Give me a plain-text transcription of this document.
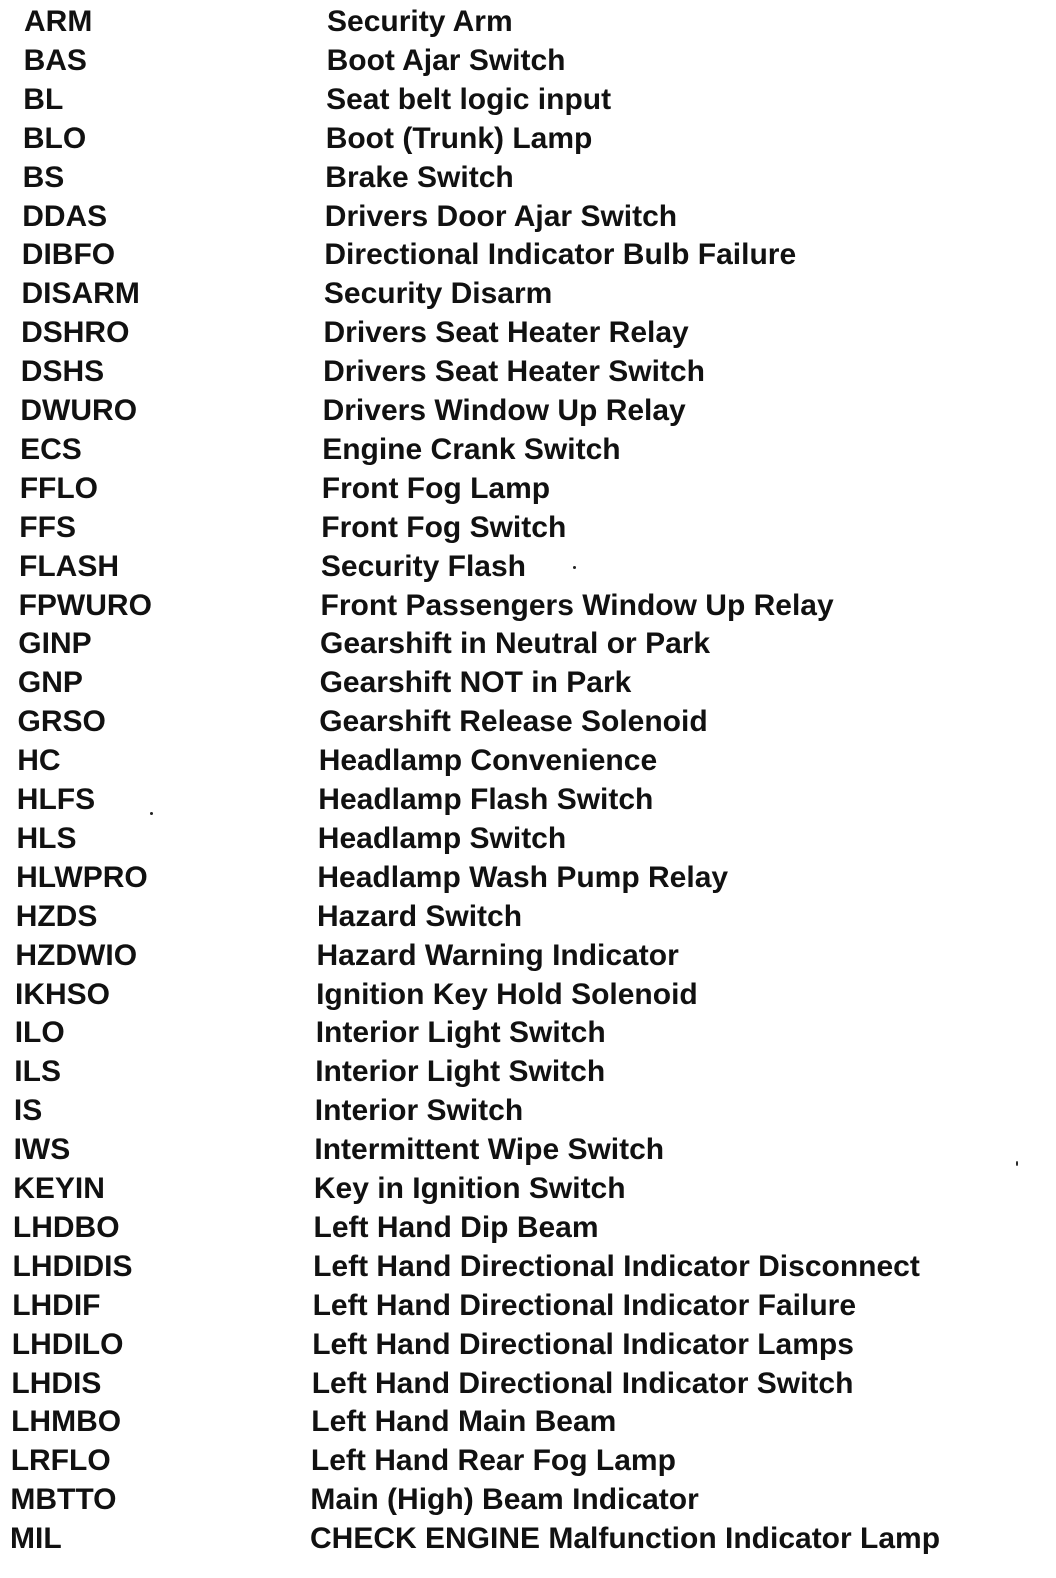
ARM	Security Arm
BAS	Boot Ajar Switch
BL	Seat belt logic input
BLO	Boot (Trunk) Lamp
BS	Brake Switch
DDAS	Drivers Door Ajar Switch
DIBFO	Directional Indicator Bulb Failure
DISARM	Security Disarm
DSHRO	Drivers Seat Heater Relay
DSHS	Drivers Seat Heater Switch
DWURO	Drivers Window Up Relay
ECS	Engine Crank Switch
FFLO	Front Fog Lamp
FFS	Front Fog Switch
FLASH	Security Flash
FPWURO	Front Passengers Window Up Relay
GINP	Gearshift in Neutral or Park
GNP	Gearshift NOT in Park
GRSO	Gearshift Release Solenoid
HC	Headlamp Convenience
HLFS	Headlamp Flash Switch
HLS	Headlamp Switch
HLWPRO	Headlamp Wash Pump Relay
HZDS	Hazard Switch
HZDWIO	Hazard Warning Indicator
IKHSO	Ignition Key Hold Solenoid
ILO	Interior Light Switch
ILS	Interior Light Switch
IS	Interior Switch
IWS	Intermittent Wipe Switch
KEYIN	Key in Ignition Switch
LHDBO	Left Hand Dip Beam
LHDIDIS	Left Hand Directional Indicator Disconnect
LHDIF	Left Hand Directional Indicator Failure
LHDILO	Left Hand Directional Indicator Lamps
LHDIS	Left Hand Directional Indicator Switch
LHMBO	Left Hand Main Beam
LRFLO	Left Hand Rear Fog Lamp
MBTTO	Main (High) Beam Indicator
MIL	CHECK ENGINE Malfunction Indicator Lamp
